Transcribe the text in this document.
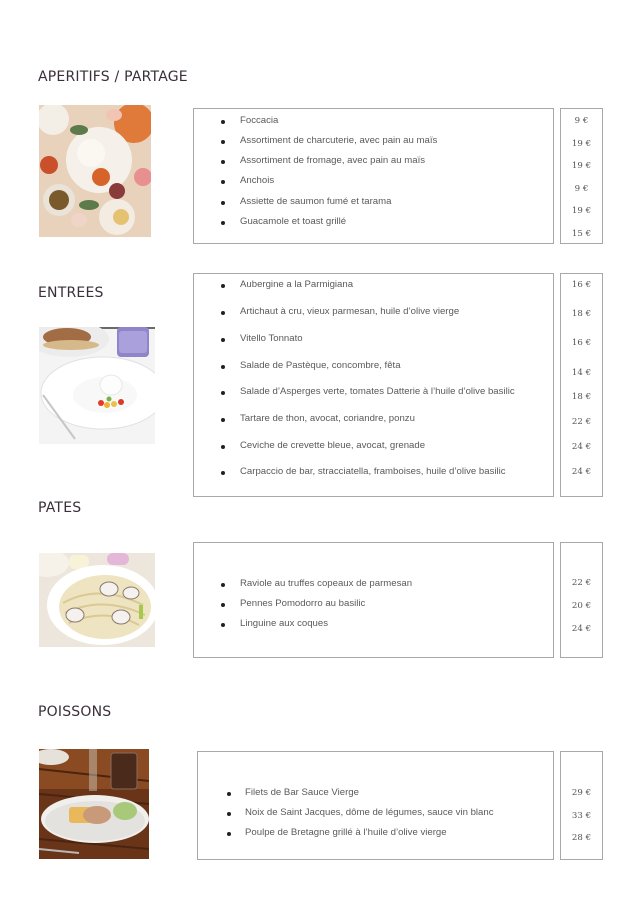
APERITIFS / PARTAGE
Foccacia
Assortiment de charcuterie, avec pain au maïs
Assortiment de fromage, avec pain au maïs
Anchois
Assiette de saumon fumé et tarama
Guacamole et toast grillé
9 €
19 €
19 €
9 €
19 €
15 €
ENTREES
Aubergine a la Parmigiana
Artichaut à cru, vieux parmesan, huile d’olive vierge
Vitello Tonnato
Salade de Pastèque, concombre, fêta
Salade d’Asperges verte, tomates Datterie à l’huile d’olive basilic
Tartare de thon, avocat, coriandre, ponzu
Ceviche de crevette bleue, avocat, grenade
Carpaccio de bar, stracciatella, framboises, huile d’olive basilic
16 €
18 €
16 €
14 €
18 €
22 €
24 €
24 €
PATES
Raviole au truffes copeaux de parmesan
Pennes Pomodorro au basilic
Linguine aux coques
22 €
20 €
24 €
POISSONS
Filets de Bar Sauce Vierge
Noix de Saint Jacques, dôme de légumes, sauce vin blanc
Poulpe de Bretagne grillé à l’huile d’olive vierge
29 €
33 €
28 €
